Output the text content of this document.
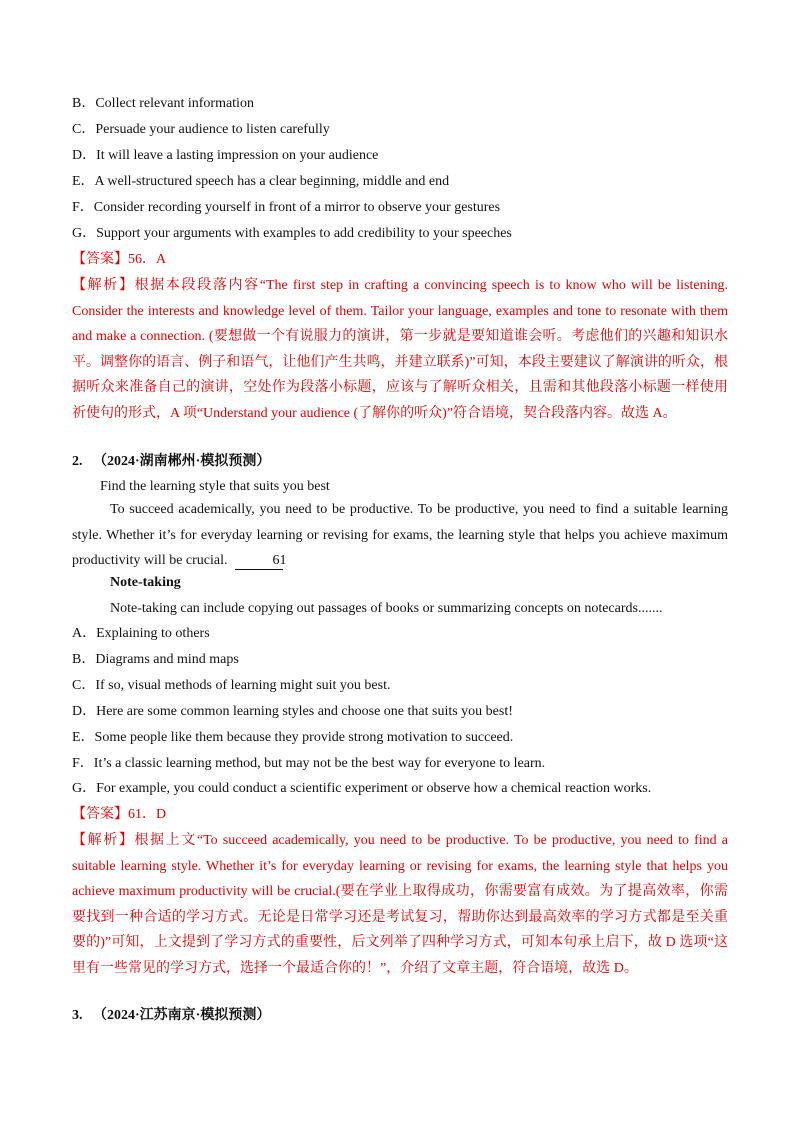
B．Collect relevant information
C．Persuade your audience to listen carefully
D．It will leave a lasting impression on your audience
E．A well-structured speech has a clear beginning, middle and end
F．Consider recording yourself in front of a mirror to observe your gestures
G．Support your arguments with examples to add credibility to your speeches
【答案】56．A
【解析】根据本段段落内容“The first step in crafting a convincing speech is to know who will be listening. Consider the interests and knowledge level of them. Tailor your language, examples and tone to resonate with them and make a connection. (要想做一个有说服力的演讲，第一步就是要知道谁会听。考虑他们的兴趣和知识水平。调整你的语言、例子和语气，让他们产生共鸣，并建立联系)”可知，本段主要建议了解演讲的听众，根据听众来准备自己的演讲，空处作为段落小标题，应该与了解听众相关，且需和其他段落小标题一样使用祈使句的形式，A 项“Understand your audience (了解你的听众)”符合语境，契合段落内容。故选 A。
2. （2024·湖南郴州·模拟预测）
Find the learning style that suits you best
To succeed academically, you need to be productive. To be productive, you need to find a suitable learning style. Whether it’s for everyday learning or revising for exams, the learning style that helps you achieve maximum productivity will be crucial.	61
Note-taking
Note-taking can include copying out passages of books or summarizing concepts on notecards.......
A．Explaining to others
B．Diagrams and mind maps
C．If so, visual methods of learning might suit you best.
D．Here are some common learning styles and choose one that suits you best!
E．Some people like them because they provide strong motivation to succeed.
F．It’s a classic learning method, but may not be the best way for everyone to learn.
G．For example, you could conduct a scientific experiment or observe how a chemical reaction works.
【答案】61．D
【解析】根据上文“To succeed academically, you need to be productive. To be productive, you need to find a suitable learning style. Whether it’s for everyday learning or revising for exams, the learning style that helps you achieve maximum productivity will be crucial.(要在学业上取得成功，你需要富有成效。为了提高效率，你需要找到一种合适的学习方式。无论是日常学习还是考试复习，帮助你达到最高效率的学习方式都是至关重要的)”可知，上文提到了学习方式的重要性，后文列举了四种学习方式，可知本句承上启下，故 D 选项“这里有一些常见的学习方式，选择一个最适合你的！”，介绍了文章主题，符合语境，故选 D。
3. （2024·江苏南京·模拟预测）
